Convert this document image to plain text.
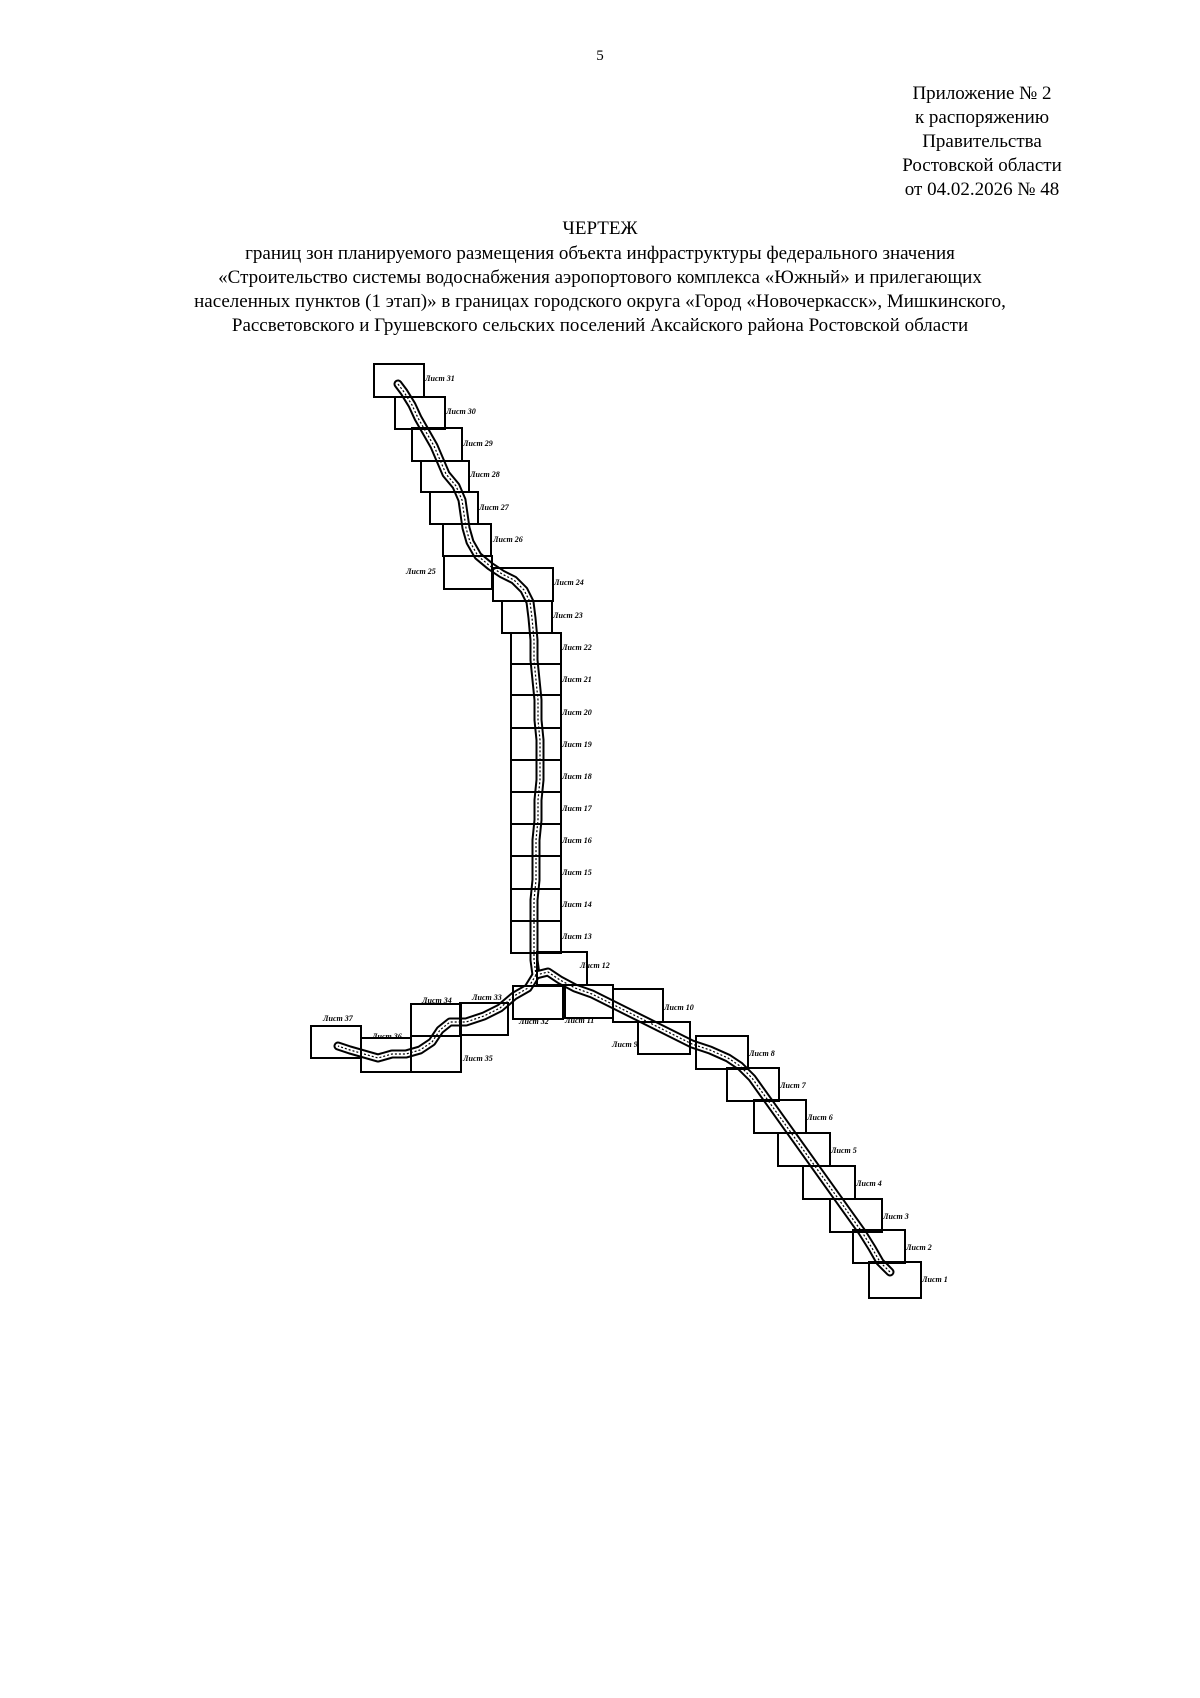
5
Приложение № 2
к распоряжению
Правительства
Ростовской области
от 04.02.2026 № 48
ЧЕРТЕЖ
границ зон планируемого размещения объекта инфраструктуры федерального значения
«Строительство системы водоснабжения аэропортового комплекса «Южный» и прилегающих
населенных пунктов (1 этап)» в границах городского округа «Город «Новочеркасск», Мишкинского,
Рассветовского и Грушевского сельских поселений Аксайского района Ростовской области
Лист 1
Лист 2
Лист 3
Лист 4
Лист 5
Лист 6
Лист 7
Лист 8
Лист 9
Лист 10
Лист 11
Лист 12
Лист 13
Лист 14
Лист 15
Лист 16
Лист 17
Лист 18
Лист 19
Лист 20
Лист 21
Лист 22
Лист 23
Лист 24
Лист 25
Лист 26
Лист 27
Лист 28
Лист 29
Лист 30
Лист 31
Лист 32
Лист 33
Лист 34
Лист 35
Лист 36
Лист 37
